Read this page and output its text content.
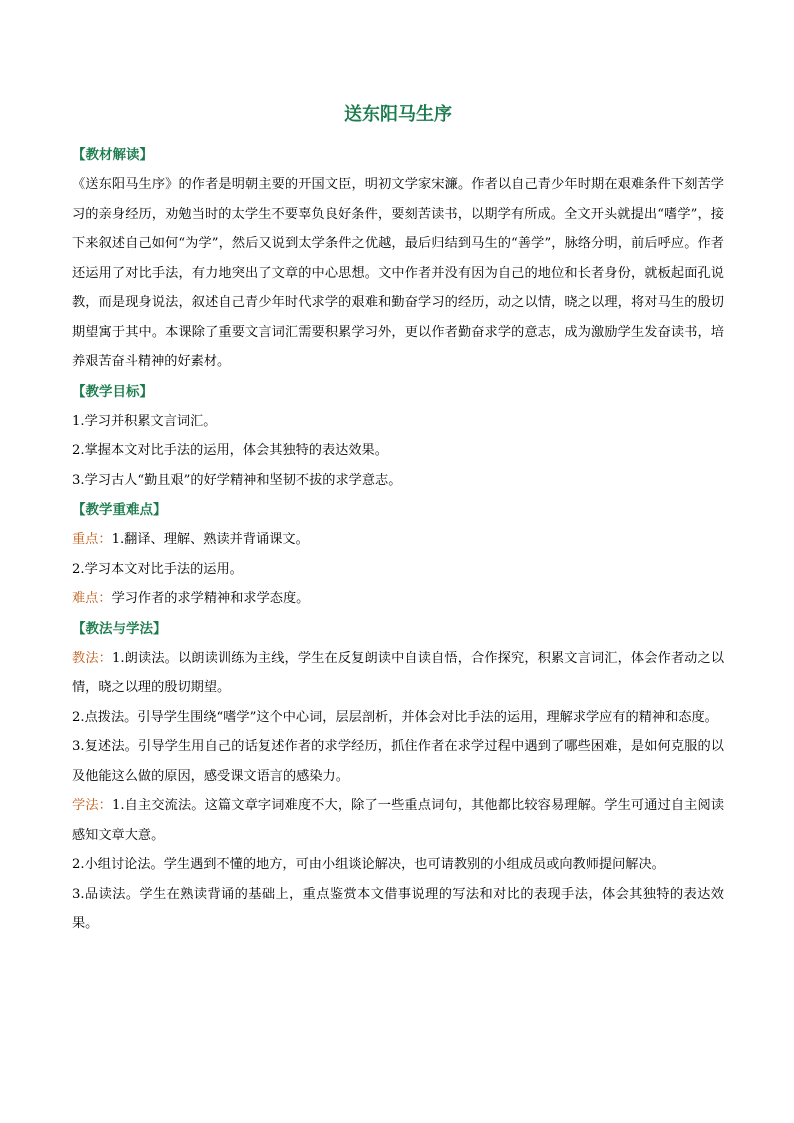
送东阳马生序

【教材解读】

《送东阳马生序》的作者是明朝主要的开国文臣，明初文学家宋濂。作者以自己青少年时期在艰难条件下刻苦学习的亲身经历，劝勉当时的太学生不要辜负良好条件，要刻苦读书，以期学有所成。全文开头就提出“嗜学”，接下来叙述自己如何“为学”，然后又说到太学条件之优越，最后归结到马生的“善学”，脉络分明，前后呼应。作者还运用了对比手法，有力地突出了文章的中心思想。文中作者并没有因为自己的地位和长者身份，就板起面孔说教，而是现身说法，叙述自己青少年时代求学的艰难和勤奋学习的经历，动之以情，晓之以理，将对马生的殷切期望寓于其中。本课除了重要文言词汇需要积累学习外，更以作者勤奋求学的意志，成为激励学生发奋读书，培养艰苦奋斗精神的好素材。

【教学目标】

1.学习并积累文言词汇。

2.掌握本文对比手法的运用，体会其独特的表达效果。

3.学习古人“勤且艰”的好学精神和坚韧不拔的求学意志。

【教学重难点】

重点：1.翻译、理解、熟读并背诵课文。

2.学习本文对比手法的运用。

难点：学习作者的求学精神和求学态度。

【教法与学法】

教法：1.朗读法。以朗读训练为主线，学生在反复朗读中自读自悟，合作探究，积累文言词汇，体会作者动之以情，晓之以理的殷切期望。

2.点拨法。引导学生围绕“嗜学”这个中心词，层层剖析，并体会对比手法的运用，理解求学应有的精神和态度。

3.复述法。引导学生用自己的话复述作者的求学经历，抓住作者在求学过程中遇到了哪些困难，是如何克服的以及他能这么做的原因，感受课文语言的感染力。

学法：1.自主交流法。这篇文章字词难度不大，除了一些重点词句，其他都比较容易理解。学生可通过自主阅读感知文章大意。

2.小组讨论法。学生遇到不懂的地方，可由小组谈论解决，也可请教别的小组成员或向教师提问解决。

3.品读法。学生在熟读背诵的基础上，重点鉴赏本文借事说理的写法和对比的表现手法，体会其独特的表达效果。
